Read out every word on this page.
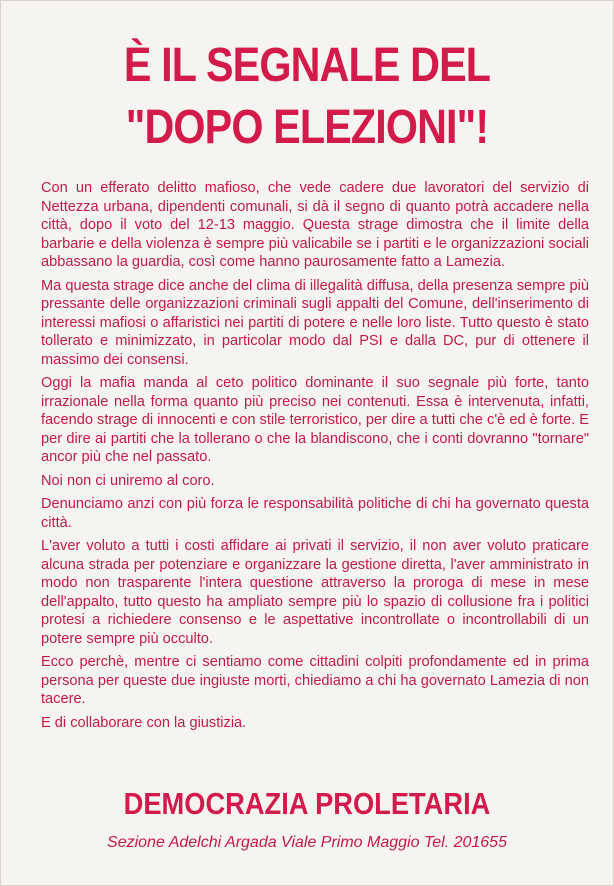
È IL SEGNALE DEL
"DOPO ELEZIONI"!

Con un efferato delitto mafioso, che vede cadere due lavoratori del servizio di Nettezza urbana, dipendenti comunali, si dà il segno di quanto potrà accadere nella città, dopo il voto del 12-13 maggio. Questa strage dimostra che il limite della barbarie e della violenza è sempre più valicabile se i partiti e le organizzazioni sociali abbassano la guardia, così come hanno paurosamente fatto a Lamezia.

Ma questa strage dice anche del clima di illegalità diffusa, della presenza sempre più pressante delle organizzazioni criminali sugli appalti del Comune, dell'inserimento di interessi mafiosi o affaristici nei partiti di potere e nelle loro liste. Tutto questo è stato tollerato e minimizzato, in particolar modo dal PSI e dalla DC, pur di ottenere il massimo dei consensi.

Oggi la mafia manda al ceto politico dominante il suo segnale più forte, tanto irrazionale nella forma quanto più preciso nei contenuti. Essa è intervenuta, infatti, facendo strage di innocenti e con stile terroristico, per dire a tutti che c'è ed è forte. E per dire ai partiti che la tollerano o che la blandiscono, che i conti dovranno "tornare" ancor più che nel passato.

Noi non ci uniremo al coro.

Denunciamo anzi con più forza le responsabilità politiche di chi ha governato questa città.

L'aver voluto a tutti i costi affidare ai privati il servizio, il non aver voluto praticare alcuna strada per potenziare e organizzare la gestione diretta, l'aver amministrato in modo non trasparente l'intera questione attraverso la proroga di mese in mese dell'appalto, tutto questo ha ampliato sempre più lo spazio di collusione fra i politici protesi a richiedere consenso e le aspettative incontrollate o incontrollabili di un potere sempre più occulto.

Ecco perchè, mentre ci sentiamo come cittadini colpiti profondamente ed in prima persona per queste due ingiuste morti, chiediamo a chi ha governato Lamezia di non tacere.

E di collaborare con la giustizia.

DEMOCRAZIA PROLETARIA
Sezione Adelchi Argada Viale Primo Maggio Tel. 201655
